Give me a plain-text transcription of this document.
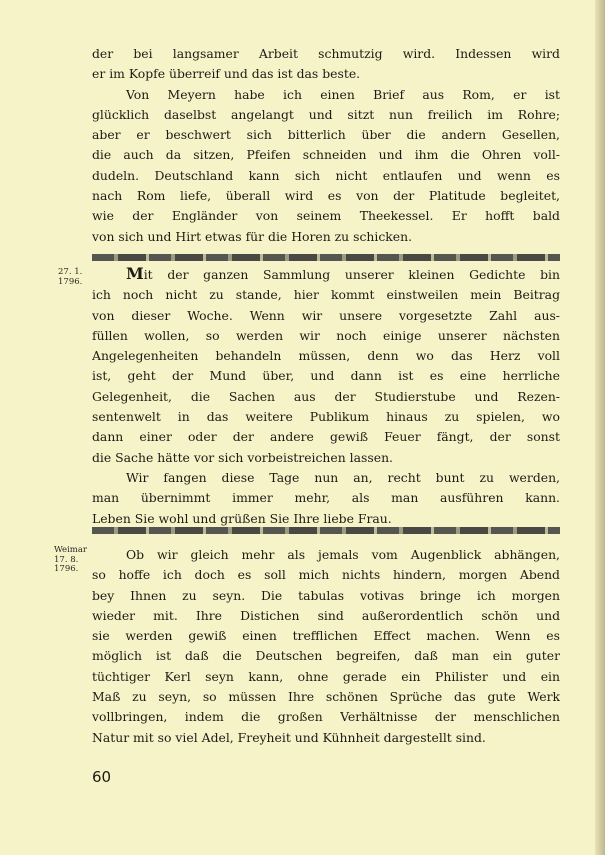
der bei langsamer Arbeit schmutzig wird. Indessen wird
er im Kopfe überreif und das ist das beste.
Von Meyern habe ich einen Brief aus Rom, er ist
glücklich daselbst angelangt und sitzt nun freilich im Rohre;
aber er beschwert sich bitterlich über die andern Gesellen,
die auch da sitzen, Pfeifen schneiden und ihm die Ohren voll-
dudeln. Deutschland kann sich nicht entlaufen und wenn es
nach Rom liefe, überall wird es von der Platitude begleitet,
wie der Engländer von seinem Theekessel. Er hofft bald
von sich und Hirt etwas für die Horen zu schicken.
27. 1.
1796.	Mit der ganzen Sammlung unserer kleinen Gedichte bin
ich noch nicht zu stande, hier kommt einstweilen mein Beitrag
von dieser Woche. Wenn wir unsere vorgesetzte Zahl aus-
füllen wollen, so werden wir noch einige unserer nächsten
Angelegenheiten behandeln müssen, denn wo das Herz voll
ist, geht der Mund über, und dann ist es eine herrliche
Gelegenheit, die Sachen aus der Studierstube und Rezen-
sentenwelt in das weitere Publikum hinaus zu spielen, wo
dann einer oder der andere gewiß Feuer fängt, der sonst
die Sache hätte vor sich vorbeistreichen lassen.
Wir fangen diese Tage nun an, recht bunt zu werden,
man übernimmt immer mehr, als man ausführen kann.
Leben Sie wohl und grüßen Sie Ihre liebe Frau.
Weimar
17. 8.
1796.
Ob wir gleich mehr als jemals vom Augenblick abhängen,
so hoffe ich doch es soll mich nichts hindern, morgen Abend
bey Ihnen zu seyn. Die tabulas votivas bringe ich morgen
wieder mit. Ihre Distichen sind außerordentlich schön und
sie werden gewiß einen trefflichen Effect machen. Wenn es
möglich ist daß die Deutschen begreifen, daß man ein guter
tüchtiger Kerl seyn kann, ohne gerade ein Philister und ein
Maß zu seyn, so müssen Ihre schönen Sprüche das gute Werk
vollbringen, indem die großen Verhältnisse der menschlichen
Natur mit so viel Adel, Freyheit und Kühnheit dargestellt sind.
60
